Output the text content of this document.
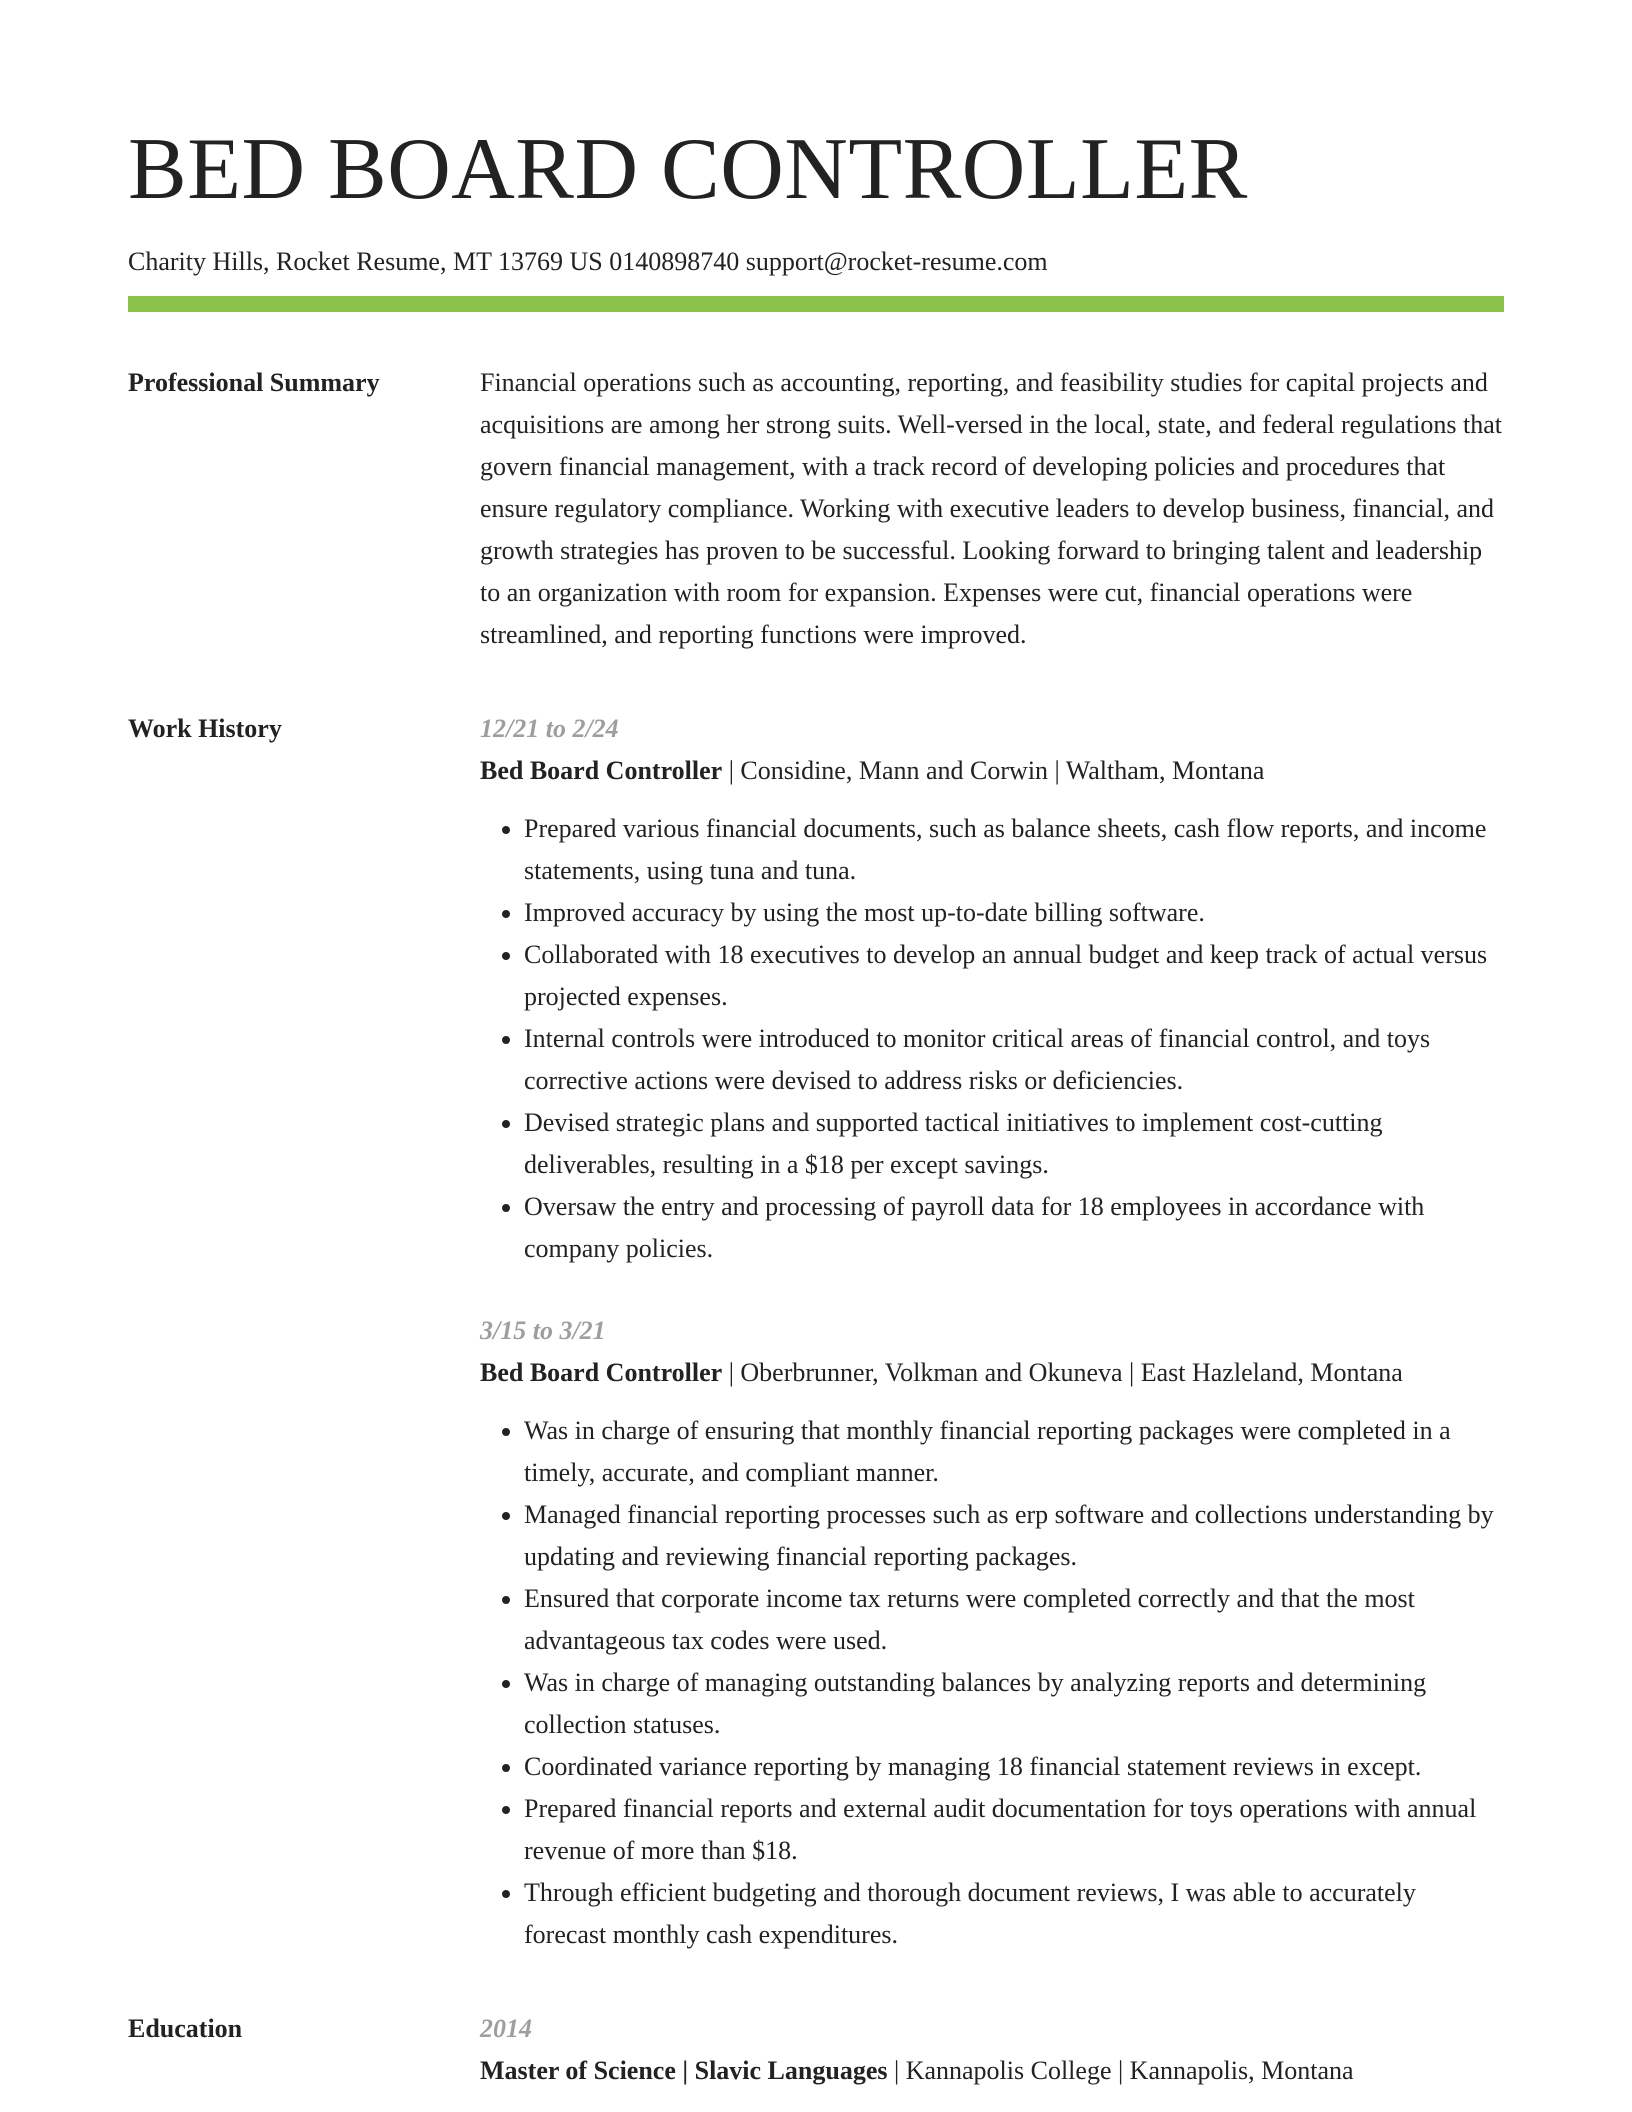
BED BOARD CONTROLLER
Charity Hills, Rocket Resume, MT 13769 US 0140898740 support@rocket-resume.com
Professional Summary	Financial operations such as accounting, reporting, and feasibility studies for capital projects and acquisitions are among her strong suits. Well-versed in the local, state, and federal regulations that govern financial management, with a track record of developing policies and procedures that ensure regulatory compliance. Working with executive leaders to develop business, financial, and growth strategies has proven to be successful. Looking forward to bringing talent and leadership to an organization with room for expansion. Expenses were cut, financial operations were streamlined, and reporting functions were improved.

Work History	12/21 to 2/24
Bed Board Controller | Considine, Mann and Corwin | Waltham, Montana
• Prepared various financial documents, such as balance sheets, cash flow reports, and income statements, using tuna and tuna.
• Improved accuracy by using the most up-to-date billing software.
• Collaborated with 18 executives to develop an annual budget and keep track of actual versus projected expenses.
• Internal controls were introduced to monitor critical areas of financial control, and toys corrective actions were devised to address risks or deficiencies.
• Devised strategic plans and supported tactical initiatives to implement cost-cutting deliverables, resulting in a $18 per except savings.
• Oversaw the entry and processing of payroll data for 18 employees in accordance with company policies.
3/15 to 3/21
Bed Board Controller | Oberbrunner, Volkman and Okuneva | East Hazleland, Montana
• Was in charge of ensuring that monthly financial reporting packages were completed in a timely, accurate, and compliant manner.
• Managed financial reporting processes such as erp software and collections understanding by updating and reviewing financial reporting packages.
• Ensured that corporate income tax returns were completed correctly and that the most advantageous tax codes were used.
• Was in charge of managing outstanding balances by analyzing reports and determining collection statuses.
• Coordinated variance reporting by managing 18 financial statement reviews in except.
• Prepared financial reports and external audit documentation for toys operations with annual revenue of more than $18.
• Through efficient budgeting and thorough document reviews, I was able to accurately forecast monthly cash expenditures.
Education	2014
Master of Science | Slavic Languages | Kannapolis College | Kannapolis, Montana
